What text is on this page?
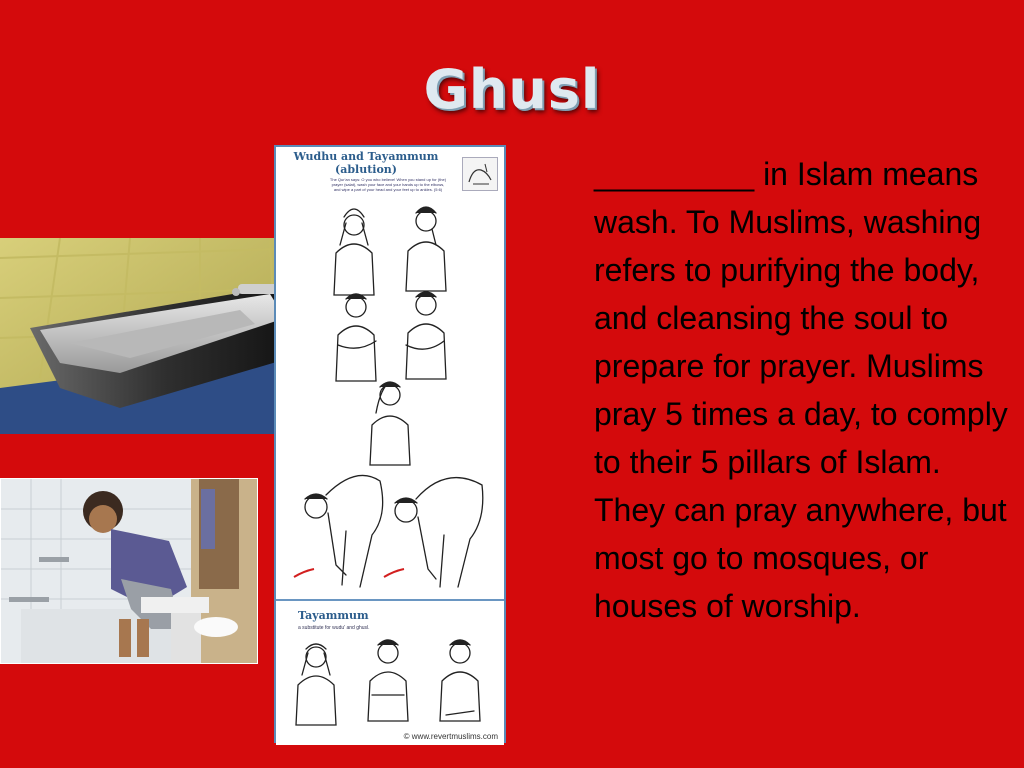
Ghusl
Wudhu and Tayammum
(ablution)
The Qur'an says: O you who believe! When you stand up for (the) prayer (salat), wash your face and your hands up to the elbows, and wipe a part of your head and your feet up to ankles. (5:6)
Tayammum
a substitute for wudu' and ghusl.
© www.revertmuslims.com

_________ in Islam means wash. To Muslims, washing refers to purifying the body, and cleansing the soul to prepare for prayer. Muslims pray 5 times a day, to comply to their 5 pillars of Islam. They can pray anywhere, but most go to mosques, or houses of worship.
